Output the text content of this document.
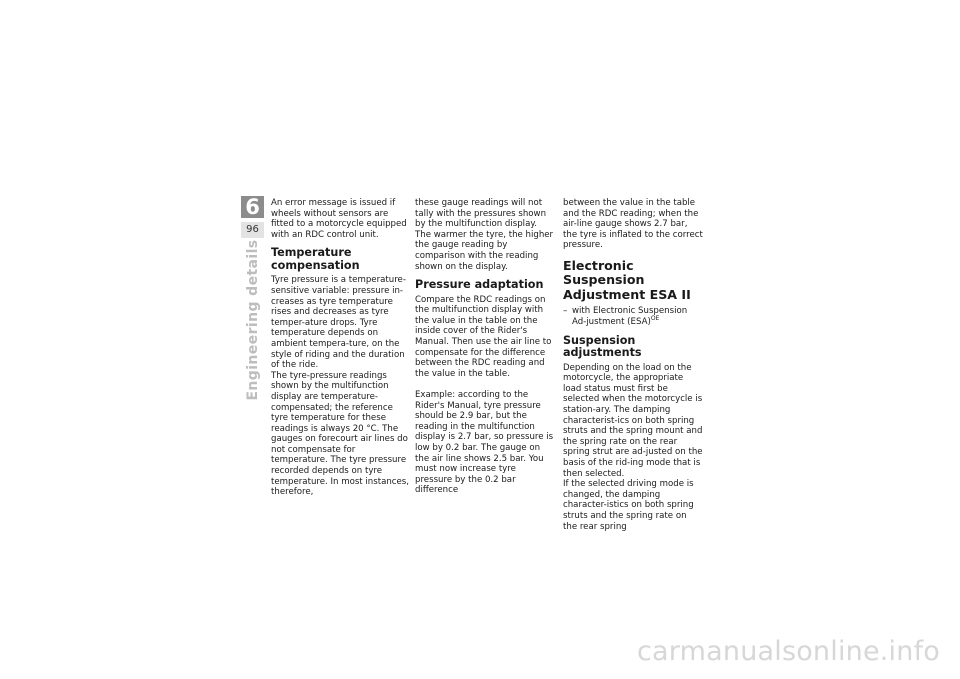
6
96
Engineering details

An error message is issued if wheels without sensors are fitted to a motorcycle equipped with an RDC control unit.

Temperature compensation

Tyre pressure is a temperature-sensitive variable: pressure in-creases as tyre temperature rises and decreases as tyre temper-ature drops. Tyre temperature depends on ambient tempera-ture, on the style of riding and the duration of the ride.

The tyre-pressure readings shown by the multifunction display are temperature-compensated; the reference tyre temperature for these readings is always 20 °C. The gauges on forecourt air lines do not compensate for temperature. The tyre pressure recorded depends on tyre temperature. In most instances, therefore,

these gauge readings will not tally with the pressures shown by the multifunction display. The warmer the tyre, the higher the gauge reading by comparison with the reading shown on the display.

Pressure adaptation

Compare the RDC readings on the multifunction display with the value in the table on the inside cover of the Rider's Manual. Then use the air line to compensate for the difference between the RDC reading and the value in the table.

Example: according to the Rider's Manual, tyre pressure should be 2.9 bar, but the reading in the multifunction display is 2.7 bar, so pressure is low by 0.2 bar. The gauge on the air line shows 2.5 bar. You must now increase tyre pressure by the 0.2 bar difference

between the value in the table and the RDC reading; when the air-line gauge shows 2.7 bar, the tyre is inflated to the correct pressure.

Electronic Suspension Adjustment ESA II
– with Electronic Suspension Ad-justment (ESA)$^{OE}$
Suspension adjustments

Depending on the load on the motorcycle, the appropriate load status must first be selected when the motorcycle is station-ary. The damping characterist-ics on both spring struts and the spring mount and the spring rate on the rear spring strut are ad-justed on the basis of the rid-ing mode that is then selected.

If the selected driving mode is changed, the damping character-istics on both spring struts and the spring rate on the rear spring

carmanualsonline.info
